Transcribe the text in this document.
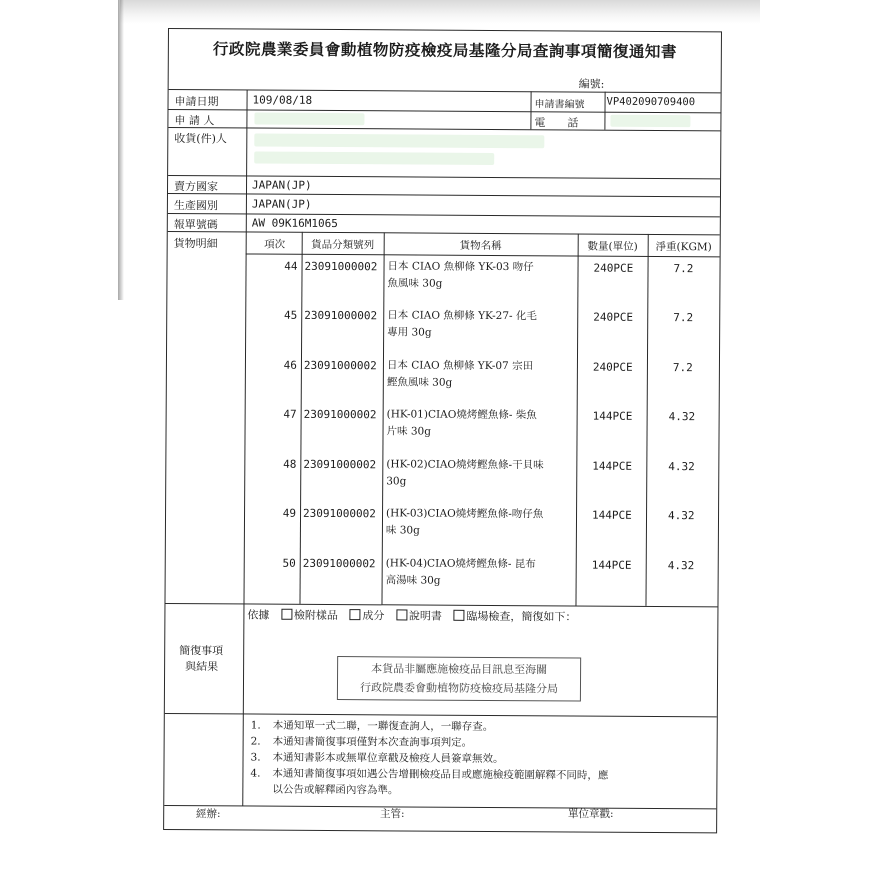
行政院農業委員會動植物防疫檢疫局基隆分局查詢事項簡復通知書
編號:
申請日期	109/08/18	申請書編號 VP402090709400
申 請 人	電　　話
收貨(件)人
賣方國家	JAPAN(JP)
生產國別	JAPAN(JP)
報單號碼	AW 09K16M1065
貨物明細	項次	貨品分類號列	貨物名稱	數量(單位)	淨重(KGM)
44 23091000002 日本 CIAO 魚柳條 YK-03 吻仔
魚風味 30g
240PCE	7.2
45 23091000002 日本 CIAO 魚柳條 YK-27- 化毛
專用 30g
240PCE	7.2
46 23091000002 日本 CIAO 魚柳條 YK-07 宗田
鰹魚風味 30g
240PCE	7.2
47 23091000002 (HK-01)CIAO燒烤鰹魚條- 柴魚
片味 30g
144PCE	4.32
48 23091000002 (HK-02)CIAO燒烤鰹魚條-干貝味
30g
144PCE	4.32
49 23091000002 (HK-03)CIAO燒烤鰹魚條-吻仔魚
味 30g
144PCE	4.32
50 23091000002 (HK-04)CIAO燒烤鰹魚條- 昆布
高湯味 30g
144PCE	4.32
簡復事項
與結果
依據 檢附樣品 成分 說明書 臨場檢查，簡復如下：
本貨品非屬應施檢疫品目訊息至海關
行政院農委會動植物防疫檢疫局基隆分局
1. 本通知單一式二聯，一聯復查詢人，一聯存查。
2. 本通知書簡復事項僅對本次查詢事項判定。
3. 本通知書影本或無單位章戳及檢疫人員簽章無效。
4. 本通知書簡復事項如遇公告增刪檢疫品目或應施檢疫範圍解釋不同時，應
以公告或解釋函內容為準。
經辦:	主管:	單位章戳:
